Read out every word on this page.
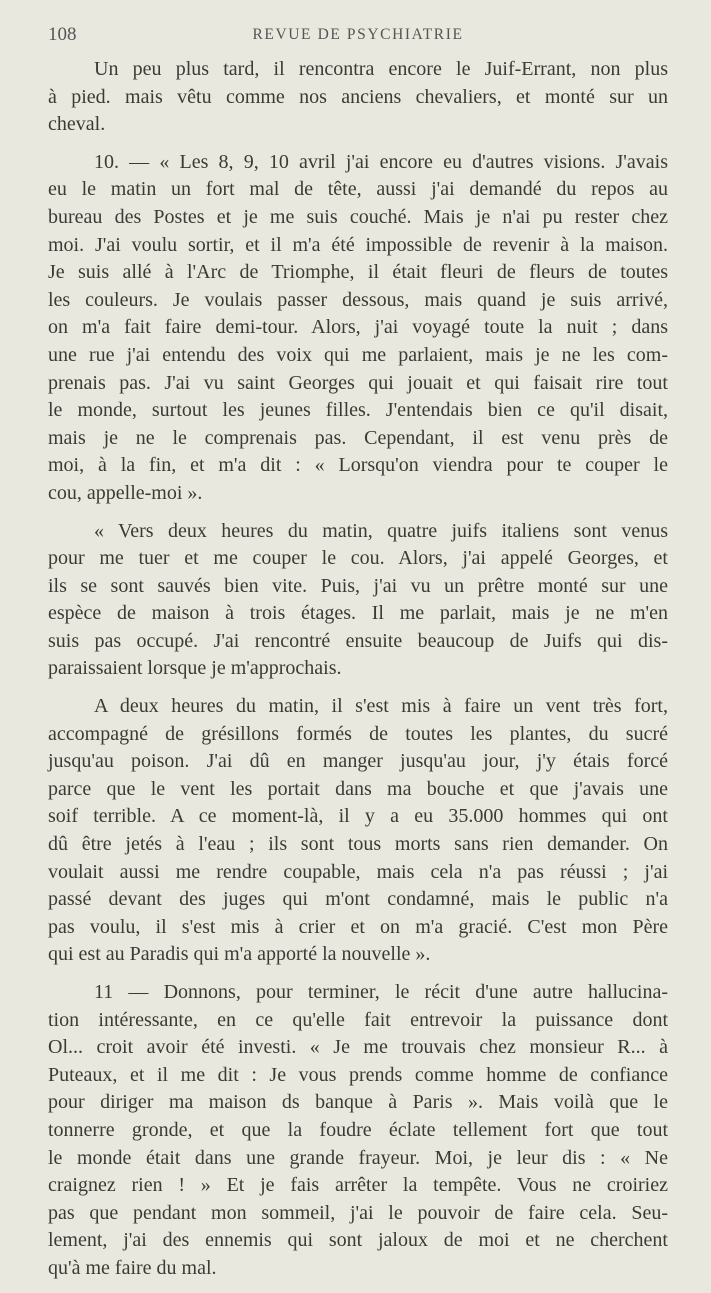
108	REVUE DE PSYCHIATRIE

Un peu plus tard, il rencontra encore le Juif-Errant, non plus
à pied. mais vêtu comme nos anciens chevaliers, et monté sur un
cheval.

10. — « Les 8, 9, 10 avril j'ai encore eu d'autres visions. J'avais
eu le matin un fort mal de tête, aussi j'ai demandé du repos au
bureau des Postes et je me suis couché. Mais je n'ai pu rester chez
moi. J'ai voulu sortir, et il m'a été impossible de revenir à la maison.
Je suis allé à l'Arc de Triomphe, il était fleuri de fleurs de toutes
les couleurs. Je voulais passer dessous, mais quand je suis arrivé,
on m'a fait faire demi-tour. Alors, j'ai voyagé toute la nuit ; dans
une rue j'ai entendu des voix qui me parlaient, mais je ne les com-
prenais pas. J'ai vu saint Georges qui jouait et qui faisait rire tout
le monde, surtout les jeunes filles. J'entendais bien ce qu'il disait,
mais je ne le comprenais pas. Cependant, il est venu près de
moi, à la fin, et m'a dit : « Lorsqu'on viendra pour te couper le
cou, appelle-moi ».

« Vers deux heures du matin, quatre juifs italiens sont venus
pour me tuer et me couper le cou. Alors, j'ai appelé Georges, et
ils se sont sauvés bien vite. Puis, j'ai vu un prêtre monté sur une
espèce de maison à trois étages. Il me parlait, mais je ne m'en
suis pas occupé. J'ai rencontré ensuite beaucoup de Juifs qui dis-
paraissaient lorsque je m'approchais.

A deux heures du matin, il s'est mis à faire un vent très fort,
accompagné de grésillons formés de toutes les plantes, du sucré
jusqu'au poison. J'ai dû en manger jusqu'au jour, j'y étais forcé
parce que le vent les portait dans ma bouche et que j'avais une
soif terrible. A ce moment-là, il y a eu 35.000 hommes qui ont
dû être jetés à l'eau ; ils sont tous morts sans rien demander. On
voulait aussi me rendre coupable, mais cela n'a pas réussi ; j'ai
passé devant des juges qui m'ont condamné, mais le public n'a
pas voulu, il s'est mis à crier et on m'a gracié. C'est mon Père
qui est au Paradis qui m'a apporté la nouvelle ».

11 — Donnons, pour terminer, le récit d'une autre hallucina-
tion intéressante, en ce qu'elle fait entrevoir la puissance dont
Ol... croit avoir été investi. « Je me trouvais chez monsieur R... à
Puteaux, et il me dit : Je vous prends comme homme de confiance
pour diriger ma maison ds banque à Paris ». Mais voilà que le
tonnerre gronde, et que la foudre éclate tellement fort que tout
le monde était dans une grande frayeur. Moi, je leur dis : « Ne
craignez rien ! » Et je fais arrêter la tempête. Vous ne croiriez
pas que pendant mon sommeil, j'ai le pouvoir de faire cela. Seu-
lement, j'ai des ennemis qui sont jaloux de moi et ne cherchent
qu'à me faire du mal.
